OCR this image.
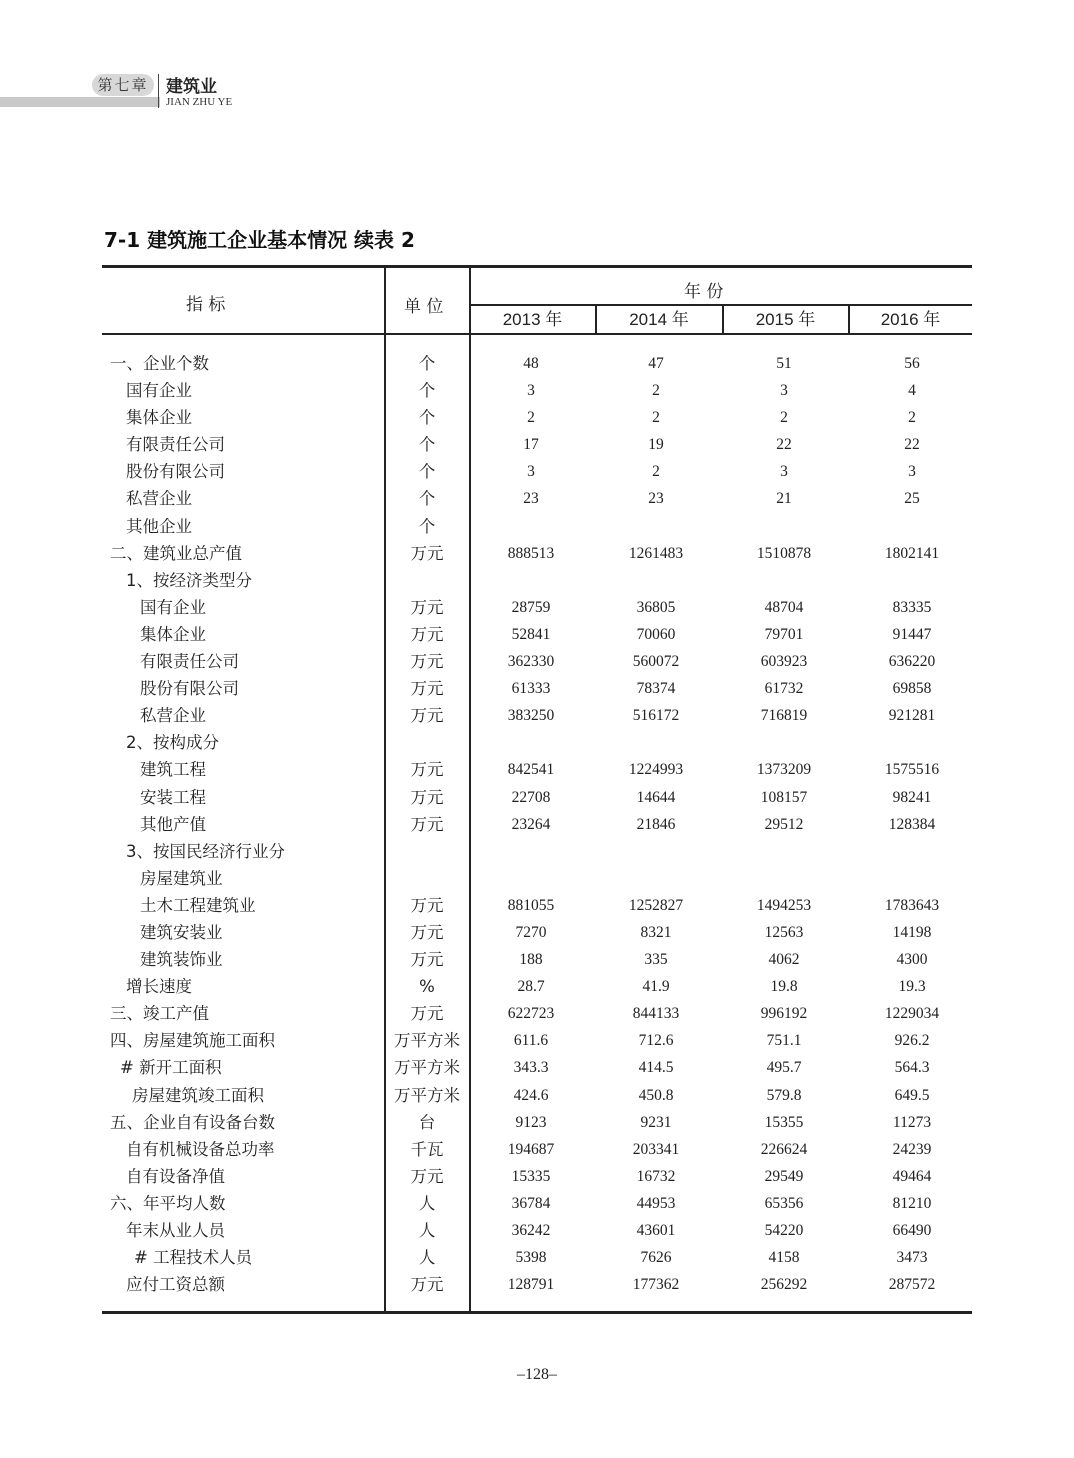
第七章	建筑业
JIAN ZHU YE
7-1 建筑施工企业基本情况 续表 2
指 标	单 位
年 份
2013 年	2014 年	2015 年	2016 年
一、企业个数	个	48	47	51	56
国有企业	个	3	2	3	4
集体企业	个	2	2	2	2
有限责任公司	个	17	19	22	22
股份有限公司	个	3	2	3	3
私营企业	个	23	23	21	25
其他企业	个
二、建筑业总产值	万元	888513	1261483	1510878	1802141
1、按经济类型分
国有企业	万元	28759	36805	48704	83335
集体企业	万元	52841	70060	79701	91447
有限责任公司	万元	362330	560072	603923	636220
股份有限公司	万元	61333	78374	61732	69858
私营企业	万元	383250	516172	716819	921281
2、按构成分
建筑工程	万元	842541	1224993	1373209	1575516
安装工程	万元	22708	14644	108157	98241
其他产值	万元	23264	21846	29512	128384
3、按国民经济行业分
房屋建筑业
土木工程建筑业	万元	881055	1252827	1494253	1783643
建筑安装业	万元	7270	8321	12563	14198
建筑装饰业	万元	188	335	4062	4300
增长速度	%	28.7	41.9	19.8	19.3
三、竣工产值	万元	622723	844133	996192	1229034
四、房屋建筑施工面积	万平方米	611.6	712.6	751.1	926.2
# 新开工面积	万平方米	343.3	414.5	495.7	564.3
房屋建筑竣工面积	万平方米	424.6	450.8	579.8	649.5
五、企业自有设备台数	台	9123	9231	15355	11273
自有机械设备总功率	千瓦	194687	203341	226624	24239
自有设备净值	万元	15335	16732	29549	49464
六、年平均人数	人	36784	44953	65356	81210
年末从业人员	人	36242	43601	54220	66490
# 工程技术人员	人	5398	7626	4158	3473
应付工资总额	万元	128791	177362	256292	287572
–128–
